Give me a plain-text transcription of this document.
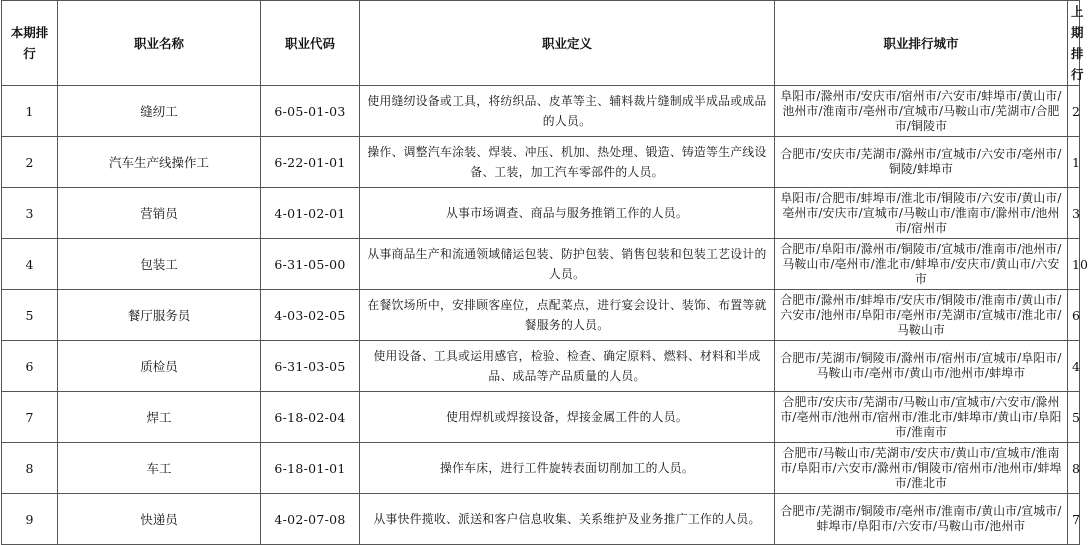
本期排行	职业名称	职业代码	职业定义	职业排行城市	上期排行
1	缝纫工	6-05-01-03	使用缝纫设备或工具，将纺织品、皮革等主、辅料裁片缝制成半成品或成品的人员。	阜阳市/滁州市/安庆市/宿州市/六安市/蚌埠市/黄山市/池州市/淮南市/亳州市/宣城市/马鞍山市/芜湖市/合肥市/铜陵市	2
2	汽车生产线操作工	6-22-01-01	操作、调整汽车涂装、焊装、冲压、机加、热处理、锻造、铸造等生产线设备、工装，加工汽车零部件的人员。	合肥市/安庆市/芜湖市/滁州市/宣城市/六安市/亳州市/铜陵/蚌埠市	1
3	营销员	4-01-02-01	从事市场调查、商品与服务推销工作的人员。	阜阳市/合肥市/蚌埠市/淮北市/铜陵市/六安市/黄山市/亳州市/安庆市/宣城市/马鞍山市/淮南市/滁州市/池州市/宿州市	3
4	包装工	6-31-05-00	从事商品生产和流通领域储运包装、防护包装、销售包装和包装工艺设计的人员。	合肥市/阜阳市/滁州市/铜陵市/宣城市/淮南市/池州市/马鞍山市/亳州市/淮北市/蚌埠市/安庆市/黄山市/六安市	10
5	餐厅服务员	4-03-02-05	在餐饮场所中，安排顾客座位，点配菜点，进行宴会设计、装饰、布置等就餐服务的人员。	合肥市/滁州市/蚌埠市/安庆市/铜陵市/淮南市/黄山市/六安市/池州市/阜阳市/亳州市/芜湖市/宣城市/淮北市/马鞍山市	6
6	质检员	6-31-03-05	使用设备、工具或运用感官，检验、检查、确定原料、燃料、材料和半成品、成品等产品质量的人员。	合肥市/芜湖市/铜陵市/滁州市/宿州市/宣城市/阜阳市/马鞍山市/亳州市/黄山市/池州市/蚌埠市	4
7	焊工	6-18-02-04	使用焊机或焊接设备，焊接金属工件的人员。	合肥市/安庆市/芜湖市/马鞍山市/宣城市/六安市/滁州市/亳州市/池州市/宿州市/淮北市/蚌埠市/黄山市/阜阳市/淮南市	5
8	车工	6-18-01-01	操作车床，进行工件旋转表面切削加工的人员。	合肥市/马鞍山市/芜湖市/安庆市/黄山市/宣城市/淮南市/阜阳市/六安市/滁州市/铜陵市/宿州市/池州市/蚌埠市/淮北市	8
9	快递员	4-02-07-08	从事快件揽收、派送和客户信息收集、关系维护及业务推广工作的人员。	合肥市/芜湖市/铜陵市/亳州市/淮南市/黄山市/宣城市/蚌埠市/阜阳市/六安市/马鞍山市/池州市	7
